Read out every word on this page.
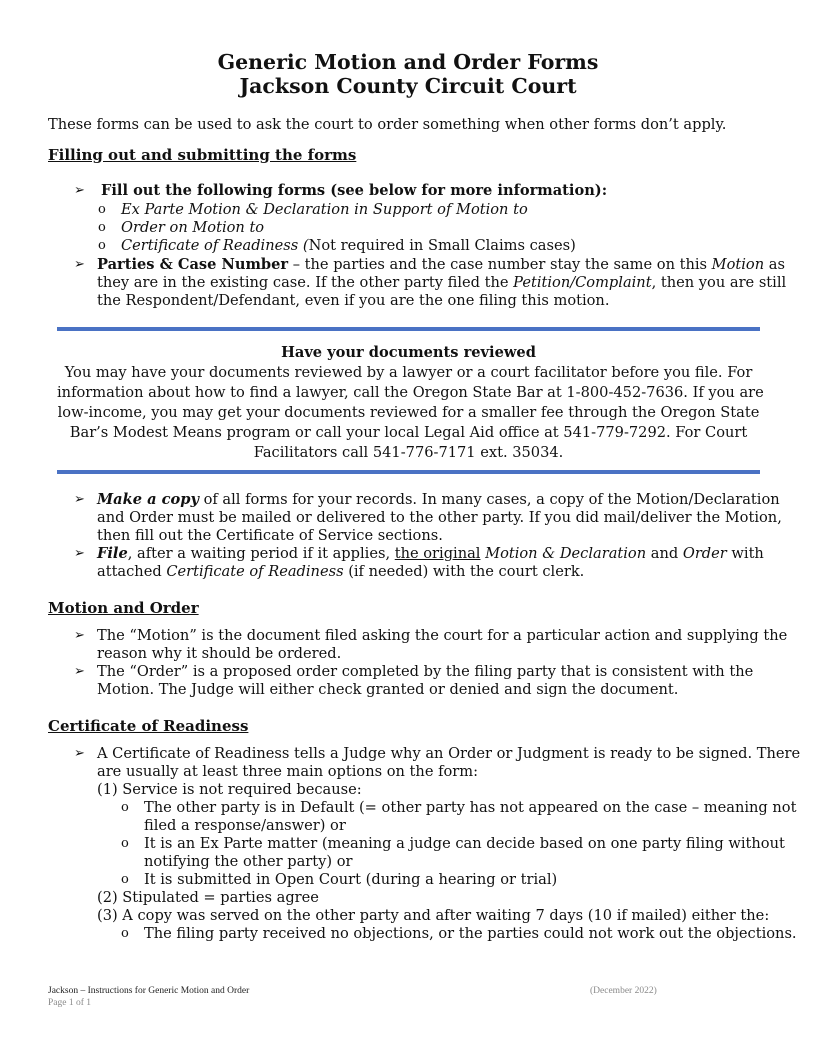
Generic Motion and Order Forms
Jackson County Circuit Court
These forms can be used to ask the court to order something when other forms don’t apply.
Filling out and submitting the forms
➢ Fill out the following forms (see below for more information):
o Ex Parte Motion & Declaration in Support of Motion to
o Order on Motion to
o Certificate of Readiness (Not required in Small Claims cases)
➢ Parties & Case Number – the parties and the case number stay the same on this Motion as
they are in the existing case. If the other party filed the Petition/Complaint, then you are still
the Respondent/Defendant, even if you are the one filing this motion.
Have your documents reviewed
You may have your documents reviewed by a lawyer or a court facilitator before you file. For
information about how to find a lawyer, call the Oregon State Bar at 1-800-452-7636. If you are
low-income, you may get your documents reviewed for a smaller fee through the Oregon State
Bar’s Modest Means program or call your local Legal Aid office at 541-779-7292. For Court
Facilitators call 541-776-7171 ext. 35034.
➢ Make a copy of all forms for your records. In many cases, a copy of the Motion/Declaration
and Order must be mailed or delivered to the other party. If you did mail/deliver the Motion,
then fill out the Certificate of Service sections.
➢ File, after a waiting period if it applies, the original Motion & Declaration and Order with
attached Certificate of Readiness (if needed) with the court clerk.
Motion and Order
➢ The “Motion” is the document filed asking the court for a particular action and supplying the
reason why it should be ordered.
➢ The “Order” is a proposed order completed by the filing party that is consistent with the
Motion. The Judge will either check granted or denied and sign the document.
Certificate of Readiness
➢ A Certificate of Readiness tells a Judge why an Order or Judgment is ready to be signed. There
are usually at least three main options on the form:
(1) Service is not required because:
o The other party is in Default (= other party has not appeared on the case – meaning not
filed a response/answer) or
o It is an Ex Parte matter (meaning a judge can decide based on one party filing without
notifying the other party) or
o It is submitted in Open Court (during a hearing or trial)
(2) Stipulated = parties agree
(3) A copy was served on the other party and after waiting 7 days (10 if mailed) either the:
o The filing party received no objections, or the parties could not work out the objections.
Jackson – Instructions for Generic Motion and Order	(December 2022)
Page 1 of 1
